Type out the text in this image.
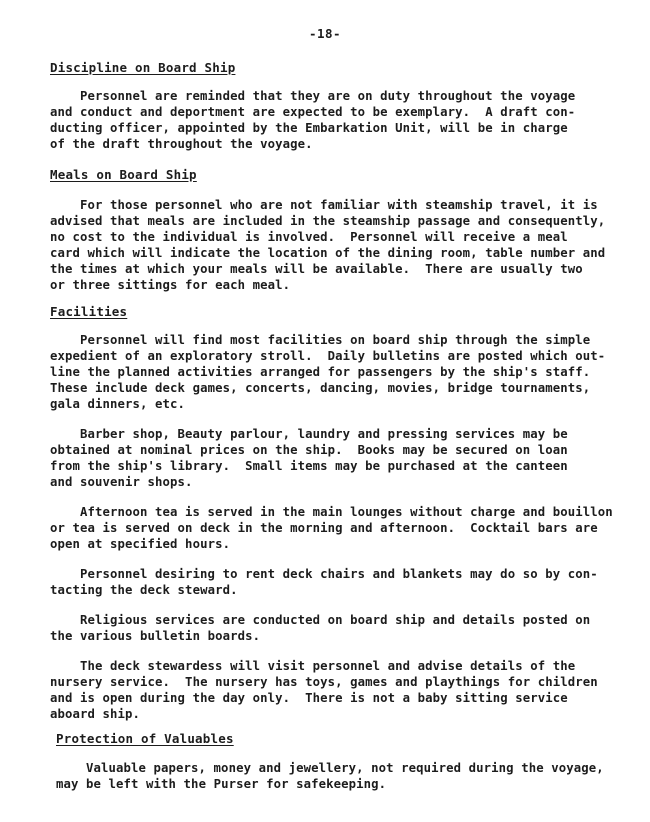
-18-
Discipline on Board Ship
Personnel are reminded that they are on duty throughout the voyage
and conduct and deportment are expected to be exemplary.  A draft con-
ducting officer, appointed by the Embarkation Unit, will be in charge
of the draft throughout the voyage.
Meals on Board Ship
For those personnel who are not familiar with steamship travel, it is
advised that meals are included in the steamship passage and consequently,
no cost to the individual is involved.  Personnel will receive a meal
card which will indicate the location of the dining room, table number and
the times at which your meals will be available.  There are usually two
or three sittings for each meal.
Facilities
Personnel will find most facilities on board ship through the simple
expedient of an exploratory stroll.  Daily bulletins are posted which out-
line the planned activities arranged for passengers by the ship's staff.
These include deck games, concerts, dancing, movies, bridge tournaments,
gala dinners, etc.
Barber shop, Beauty parlour, laundry and pressing services may be
obtained at nominal prices on the ship.  Books may be secured on loan
from the ship's library.  Small items may be purchased at the canteen
and souvenir shops.
Afternoon tea is served in the main lounges without charge and bouillon
or tea is served on deck in the morning and afternoon.  Cocktail bars are
open at specified hours.
Personnel desiring to rent deck chairs and blankets may do so by con-
tacting the deck steward.
Religious services are conducted on board ship and details posted on
the various bulletin boards.
The deck stewardess will visit personnel and advise details of the
nursery service.  The nursery has toys, games and playthings for children
and is open during the day only.  There is not a baby sitting service
aboard ship.
Protection of Valuables
Valuable papers, money and jewellery, not required during the voyage,
may be left with the Purser for safekeeping.
